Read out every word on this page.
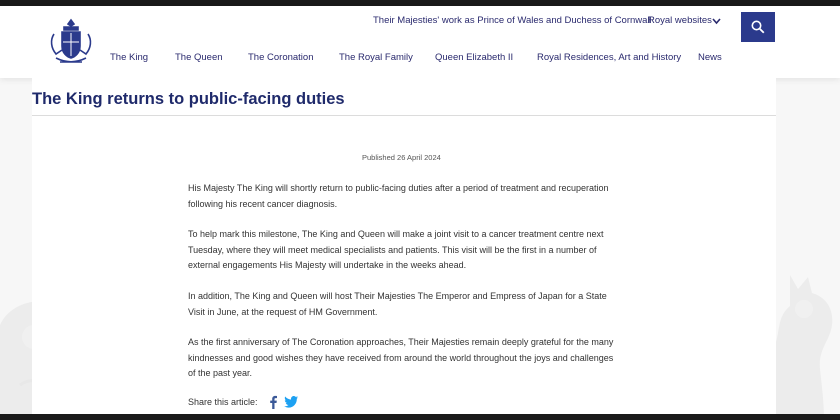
Their Majesties' work as Prince of Wales and Duchess of Cornwall
Royal websites
The King	The Queen	The Coronation	The Royal Family Queen Elizabeth II	Royal Residences, Art and History News
The King returns to public-facing duties
Published 26 April 2024

His Majesty The King will shortly return to public-facing duties after a period of treatment and recuperation following his recent cancer diagnosis.

To help mark this milestone, The King and Queen will make a joint visit to a cancer treatment centre next Tuesday, where they will meet medical specialists and patients. This visit will be the first in a number of external engagements His Majesty will undertake in the weeks ahead.

In addition, The King and Queen will host Their Majesties The Emperor and Empress of Japan for a State Visit in June, at the request of HM Government.

As the first anniversary of The Coronation approaches, Their Majesties remain deeply grateful for the many kindnesses and good wishes they have received from around the world throughout the joys and challenges of the past year.

Share this article:
